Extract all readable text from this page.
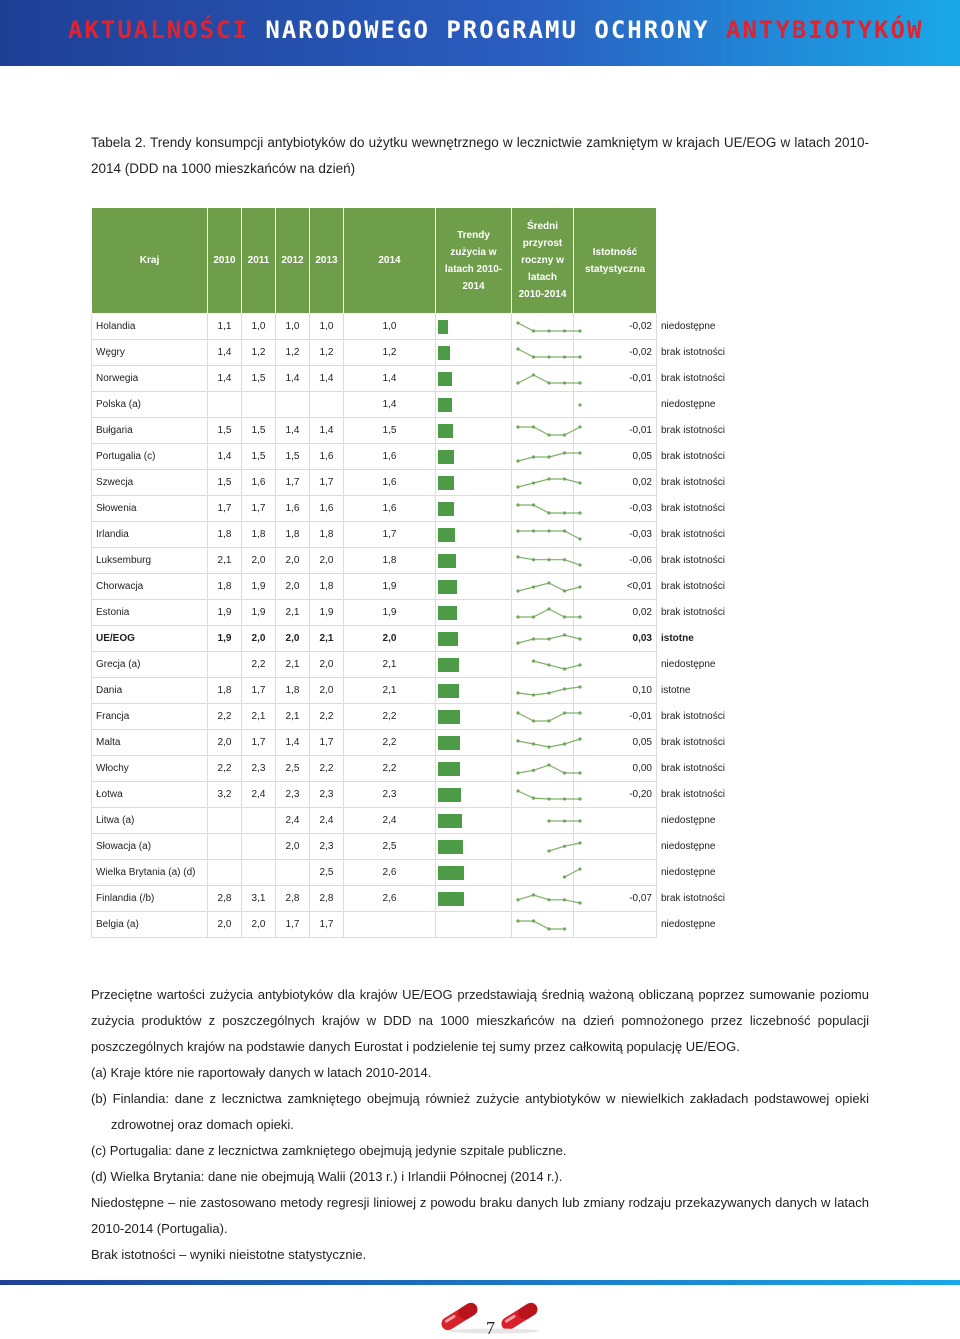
AKTUALNOŚCI NARODOWEGO PROGRAMU OCHRONY ANTYBIOTYKÓW
Tabela 2. Trendy konsumpcji antybiotyków do użytku wewnętrznego w lecznictwie zamkniętym w krajach UE/EOG w latach 2010-2014 (DDD na 1000 mieszkańców na dzień)
Kraj	2010	2011	2012	2013	2014	Trendy zużycia w latach 2010-2014	Średni przyrost roczny w latach 2010-2014	Istotność statystyczna	
Holandia	1,1	1,0	1,0	1,0	1,0			-0,02	niedostępne
Węgry	1,4	1,2	1,2	1,2	1,2			-0,02	brak istotności
Norwegia	1,4	1,5	1,4	1,4	1,4			-0,01	brak istotności
Polska (a)					1,4				niedostępne
Bułgaria	1,5	1,5	1,4	1,4	1,5			-0,01	brak istotności
Portugalia (c)	1,4	1,5	1,5	1,6	1,6			0,05	brak istotności
Szwecja	1,5	1,6	1,7	1,7	1,6			0,02	brak istotności
Słowenia	1,7	1,7	1,6	1,6	1,6			-0,03	brak istotności
Irlandia	1,8	1,8	1,8	1,8	1,7			-0,03	brak istotności
Luksemburg	2,1	2,0	2,0	2,0	1,8			-0,06	brak istotności
Chorwacja	1,8	1,9	2,0	1,8	1,9			<0,01	brak istotności
Estonia	1,9	1,9	2,1	1,9	1,9			0,02	brak istotności
UE/EOG	1,9	2,0	2,0	2,1	2,0			0,03	istotne
Grecja (a)		2,2	2,1	2,0	2,1				niedostępne
Dania	1,8	1,7	1,8	2,0	2,1			0,10	istotne
Francja	2,2	2,1	2,1	2,2	2,2			-0,01	brak istotności
Malta	2,0	1,7	1,4	1,7	2,2			0,05	brak istotności
Włochy	2,2	2,3	2,5	2,2	2,2			0,00	brak istotności
Łotwa	3,2	2,4	2,3	2,3	2,3			-0,20	brak istotności
Litwa (a)			2,4	2,4	2,4				niedostępne
Słowacja (a)			2,0	2,3	2,5				niedostępne
Wielka Brytania (a) (d)				2,5	2,6				niedostępne
Finlandia (/b)	2,8	3,1	2,8	2,8	2,6			-0,07	brak istotności
Belgia (a)	2,0	2,0	1,7	1,7					niedostępne

Przeciętne wartości zużycia antybiotyków dla krajów UE/EOG przedstawiają średnią ważoną obliczaną poprzez sumowanie poziomu zużycia produktów z poszczególnych krajów w DDD na 1000 mieszkańców na dzień pomnożonego przez liczebność populacji poszczególnych krajów na podstawie danych Eurostat i podzielenie tej sumy przez całkowitą populację UE/EOG.

(a) Kraje które nie raportowały danych w latach 2010-2014.

(b) Finlandia: dane z lecznictwa zamkniętego obejmują również zużycie antybiotyków w niewielkich zakładach podstawowej opieki zdrowotnej oraz domach opieki.

(c) Portugalia: dane z lecznictwa zamkniętego obejmują jedynie szpitale publiczne.

(d) Wielka Brytania: dane nie obejmują Walii (2013 r.) i Irlandii Północnej (2014 r.).

Niedostępne – nie zastosowano metody regresji liniowej z powodu braku danych lub zmiany rodzaju przekazywanych danych w latach 2010-2014 (Portugalia).

Brak istotności – wyniki nieistotne statystycznie.

7
